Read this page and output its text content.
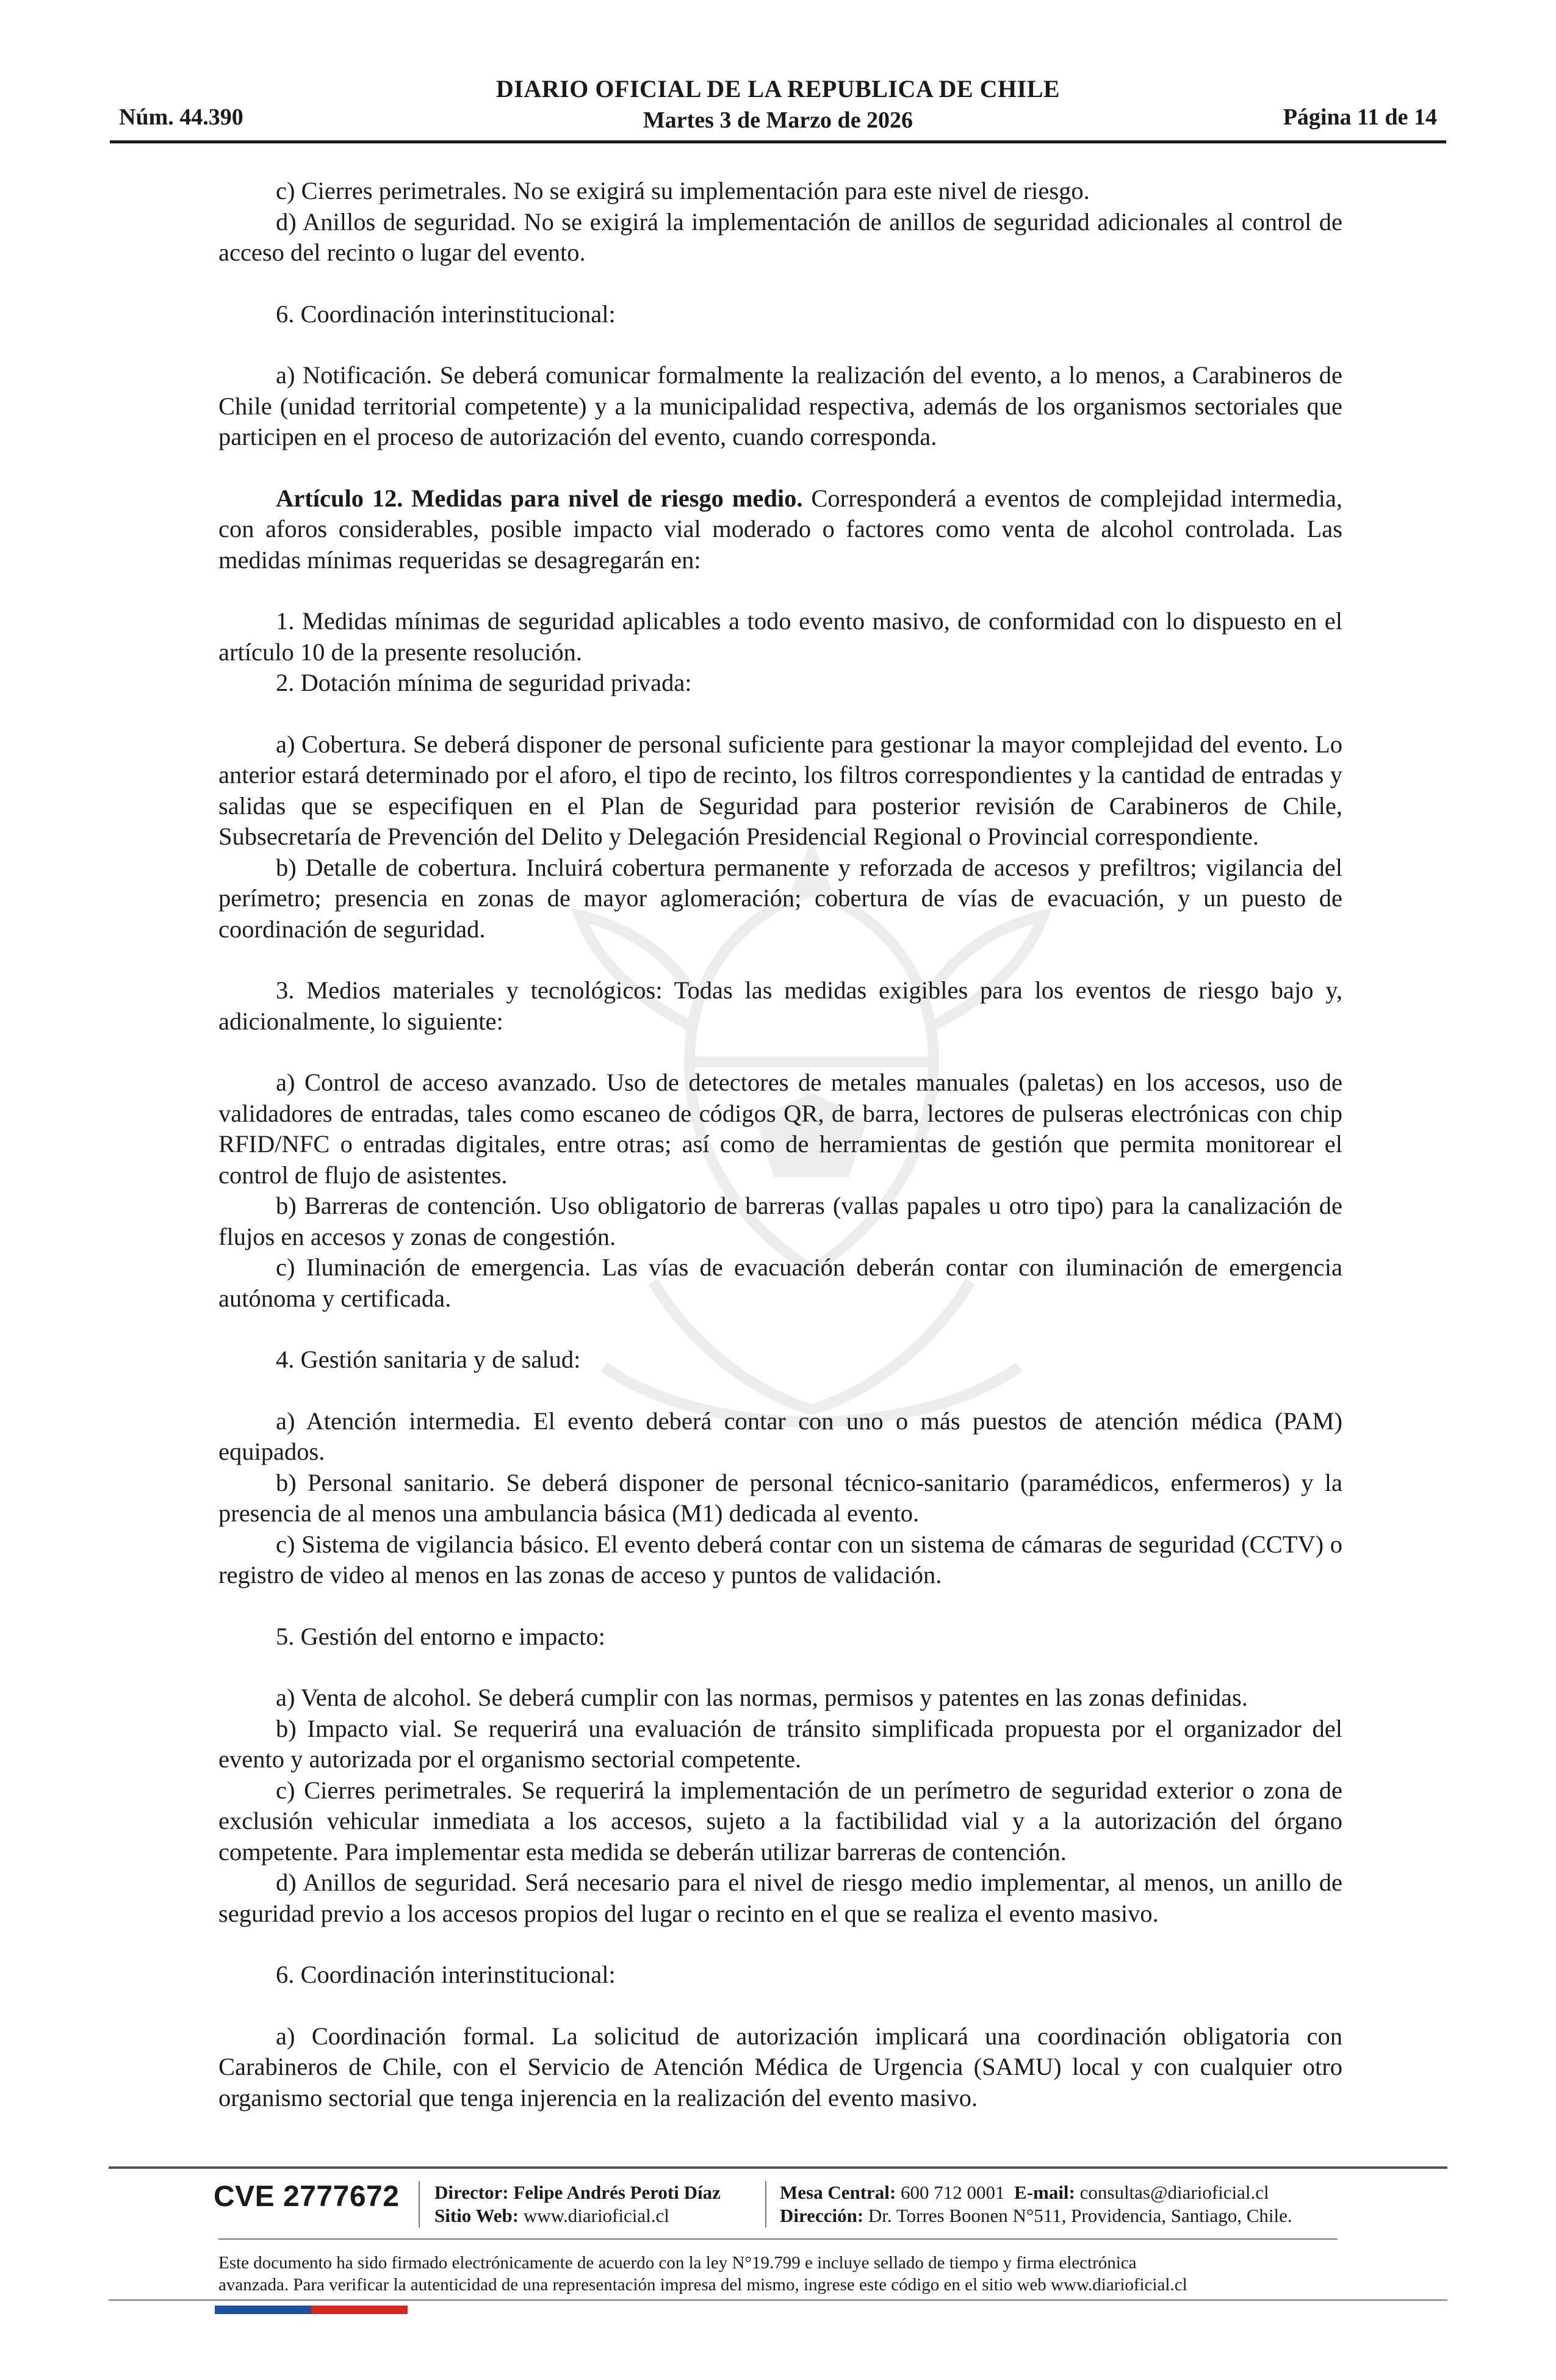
Núm. 44.390
DIARIO OFICIAL DE LA REPUBLICA DE CHILE
Martes 3 de Marzo de 2026	Página 11 de 14

c) Cierres perimetrales. No se exigirá su implementación para este nivel de riesgo.

d) Anillos de seguridad. No se exigirá la implementación de anillos de seguridad adicionales al control de acceso del recinto o lugar del evento.

6. Coordinación interinstitucional:

a) Notificación. Se deberá comunicar formalmente la realización del evento, a lo menos, a Carabineros de Chile (unidad territorial competente) y a la municipalidad respectiva, además de los organismos sectoriales que participen en el proceso de autorización del evento, cuando corresponda.

Artículo 12. Medidas para nivel de riesgo medio. Corresponderá a eventos de complejidad intermedia, con aforos considerables, posible impacto vial moderado o factores como venta de alcohol controlada. Las medidas mínimas requeridas se desagregarán en:

1. Medidas mínimas de seguridad aplicables a todo evento masivo, de conformidad con lo dispuesto en el artículo 10 de la presente resolución.

2. Dotación mínima de seguridad privada:

a) Cobertura. Se deberá disponer de personal suficiente para gestionar la mayor complejidad del evento. Lo anterior estará determinado por el aforo, el tipo de recinto, los filtros correspondientes y la cantidad de entradas y salidas que se especifiquen en el Plan de Seguridad para posterior revisión de Carabineros de Chile, Subsecretaría de Prevención del Delito y Delegación Presidencial Regional o Provincial correspondiente.

b) Detalle de cobertura. Incluirá cobertura permanente y reforzada de accesos y prefiltros; vigilancia del perímetro; presencia en zonas de mayor aglomeración; cobertura de vías de evacuación, y un puesto de coordinación de seguridad.

3. Medios materiales y tecnológicos: Todas las medidas exigibles para los eventos de riesgo bajo y, adicionalmente, lo siguiente:

a) Control de acceso avanzado. Uso de detectores de metales manuales (paletas) en los accesos, uso de validadores de entradas, tales como escaneo de códigos QR, de barra, lectores de pulseras electrónicas con chip RFID/NFC o entradas digitales, entre otras; así como de herramientas de gestión que permita monitorear el control de flujo de asistentes.

b) Barreras de contención. Uso obligatorio de barreras (vallas papales u otro tipo) para la canalización de flujos en accesos y zonas de congestión.

c) Iluminación de emergencia. Las vías de evacuación deberán contar con iluminación de emergencia autónoma y certificada.

4. Gestión sanitaria y de salud:

a) Atención intermedia. El evento deberá contar con uno o más puestos de atención médica (PAM) equipados.

b) Personal sanitario. Se deberá disponer de personal técnico-sanitario (paramédicos, enfermeros) y la presencia de al menos una ambulancia básica (M1) dedicada al evento.

c) Sistema de vigilancia básico. El evento deberá contar con un sistema de cámaras de seguridad (CCTV) o registro de video al menos en las zonas de acceso y puntos de validación.

5. Gestión del entorno e impacto:

a) Venta de alcohol. Se deberá cumplir con las normas, permisos y patentes en las zonas definidas.

b) Impacto vial. Se requerirá una evaluación de tránsito simplificada propuesta por el organizador del evento y autorizada por el organismo sectorial competente.

c) Cierres perimetrales. Se requerirá la implementación de un perímetro de seguridad exterior o zona de exclusión vehicular inmediata a los accesos, sujeto a la factibilidad vial y a la autorización del órgano competente. Para implementar esta medida se deberán utilizar barreras de contención.

d) Anillos de seguridad. Será necesario para el nivel de riesgo medio implementar, al menos, un anillo de seguridad previo a los accesos propios del lugar o recinto en el que se realiza el evento masivo.

6. Coordinación interinstitucional:

a) Coordinación formal. La solicitud de autorización implicará una coordinación obligatoria con Carabineros de Chile, con el Servicio de Atención Médica de Urgencia (SAMU) local y con cualquier otro organismo sectorial que tenga injerencia en la realización del evento masivo.

CVE 2777672 Director: Felipe Andrés Peroti Díaz
Sitio Web: www.diarioficial.cl
Mesa Central: 600 712 0001 E-mail: consultas@diarioficial.cl
Dirección: Dr. Torres Boonen N°511, Providencia, Santiago, Chile.
Este documento ha sido firmado electrónicamente de acuerdo con la ley N°19.799 e incluye sellado de tiempo y firma electrónica
avanzada. Para verificar la autenticidad de una representación impresa del mismo, ingrese este código en el sitio web www.diarioficial.cl
